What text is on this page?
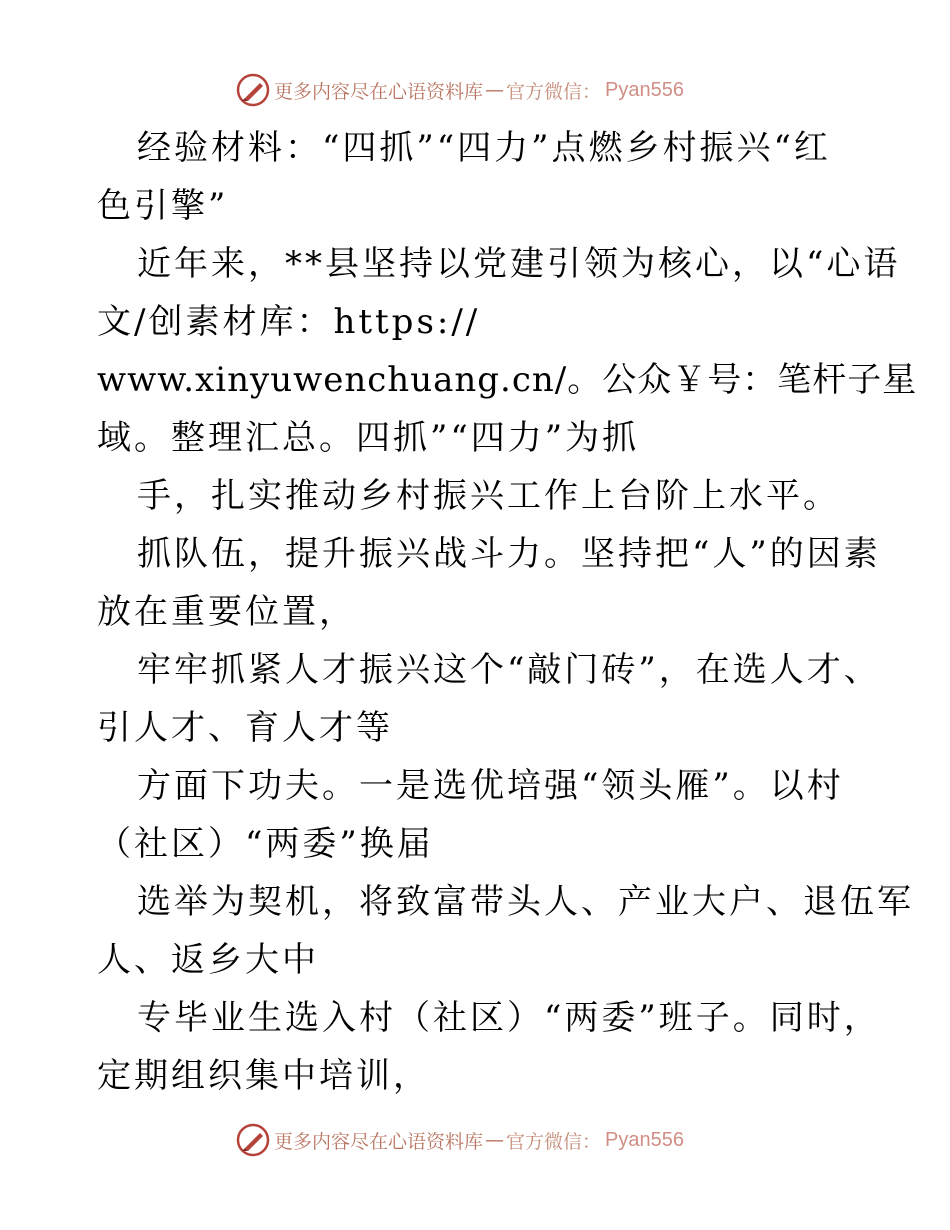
更多内容尽在心语资料库 — 官方微信： Pyan556
经验材料：“四抓”“四力”点燃乡村振兴“红
色引擎”
近年来，**县坚持以党建引领为核心，以“心语
文/创素材库：https://
www.xinyuwenchuang.cn/。公众￥号：笔杆子星
域。整理汇总。四抓”“四力”为抓
手，扎实推动乡村振兴工作上台阶上水平。
抓队伍，提升振兴战斗力。坚持把“人”的因素
放在重要位置，
牢牢抓紧人才振兴这个“敲门砖”，在选人才、
引人才、育人才等
方面下功夫。一是选优培强“领头雁”。以村
（社区）“两委”换届
选举为契机，将致富带头人、产业大户、退伍军
人、返乡大中
专毕业生选入村（社区）“两委”班子。同时，
定期组织集中培训，
更多内容尽在心语资料库 — 官方微信： Pyan556
